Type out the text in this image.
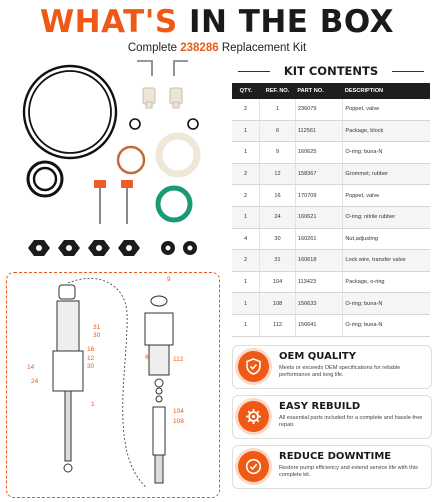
WHAT'S IN THE BOX
Complete 238286 Replacement Kit
9
31
30
16
12
30
14
24
1
6	112
104
108
KIT CONTENTS
QTY.	REF. NO.	PART NO.	DESCRIPTION
2	1	236079	Poppet, valve
1	6	112561	Package, block
1	9	160625	O-ring; buna-N
2	12	158367	Grommet; rubber
2	16	170709	Poppet, valve
1	24	160621	O-ring; nitrile rubber
4	30	160261	Nut,adjusting
2	31	160618	Lock wire, transfer valve
1	104	113423	Package, o-ring
1	108	156633	O-ring; buna-N
1	112	156641	O-ring; buna-N
OEM QUALITY
Meets or exceeds OEM specifications for reliable performance and long life.
EASY REBUILD
All essential parts included for a complete and hassle-free repair.
REDUCE DOWNTIME
Restore pump efficiency and extend service life with this complete kit.
